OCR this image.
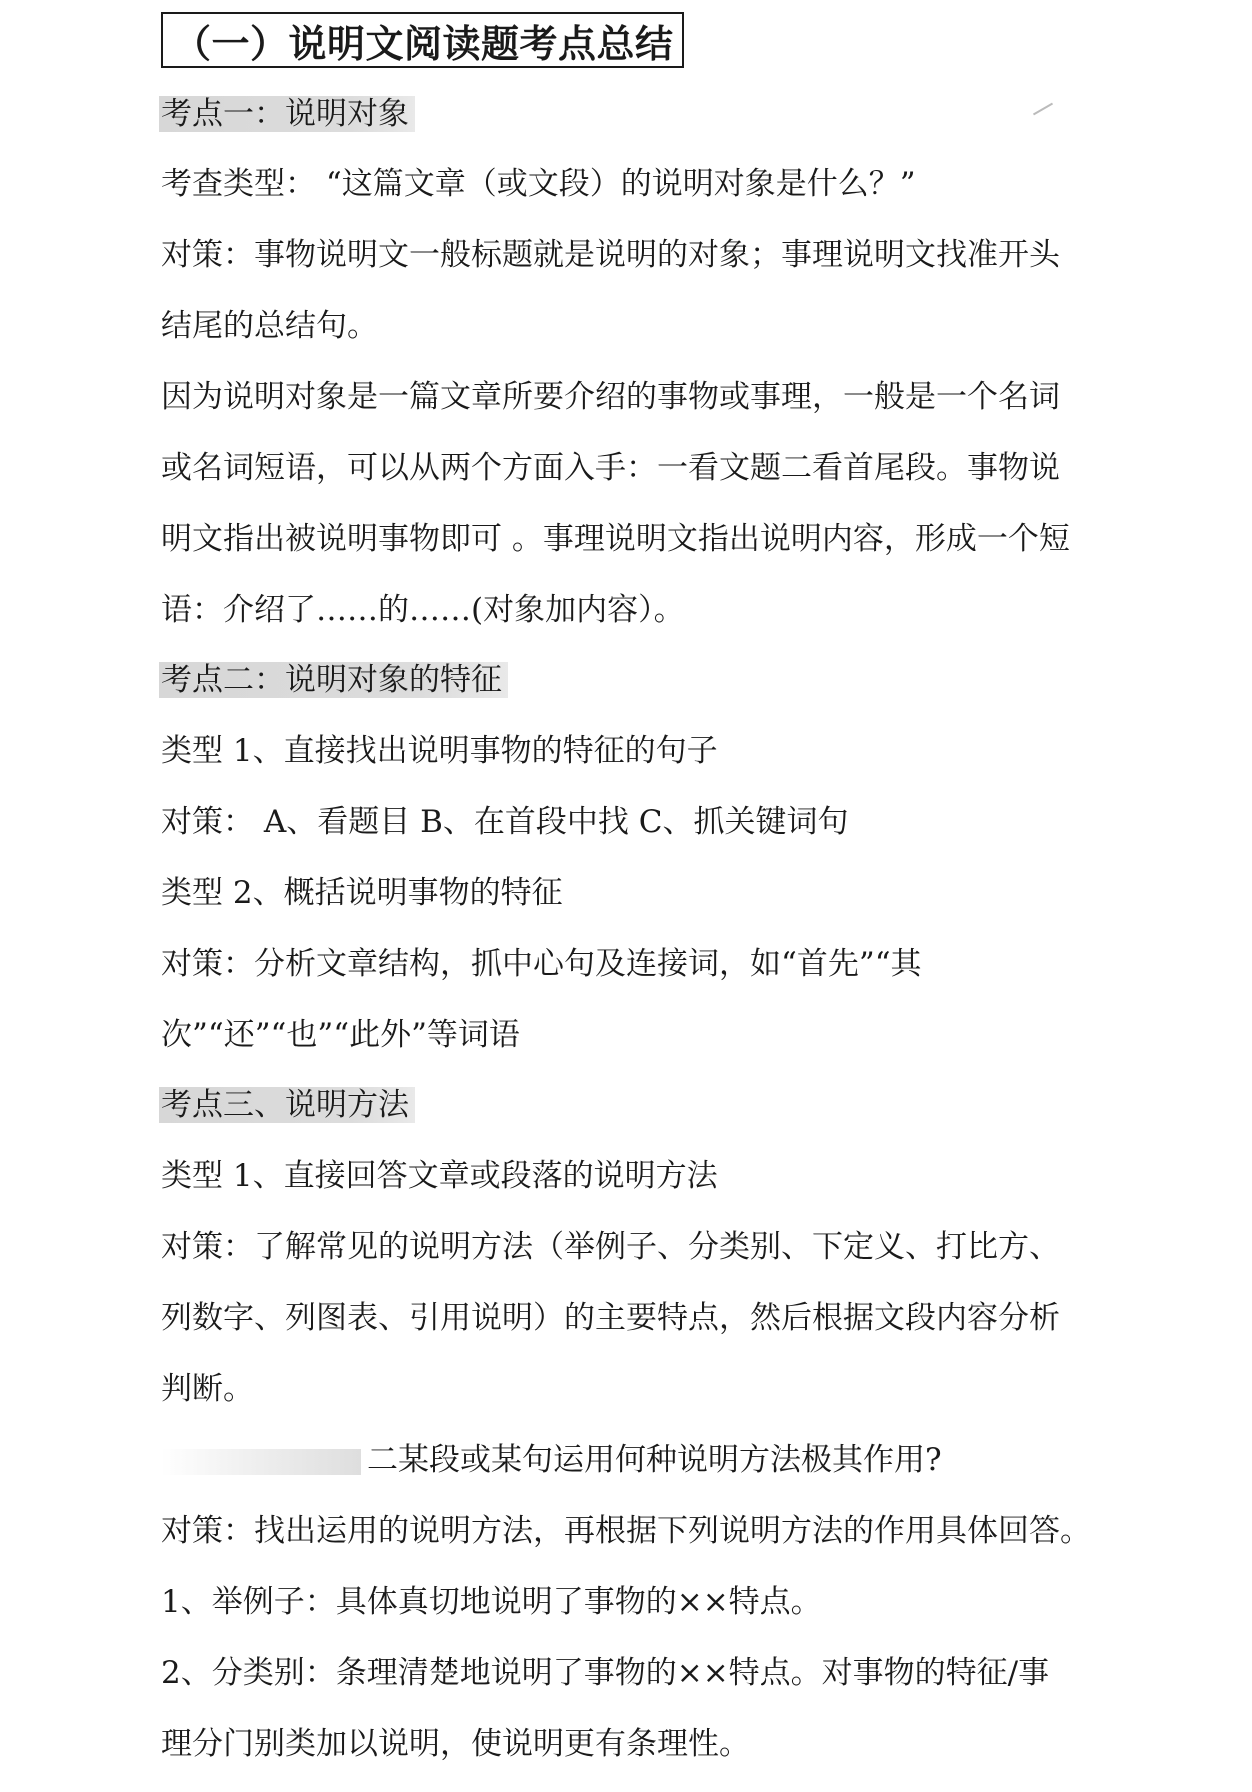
（一）说明文阅读题考点总结
考点一：说明对象
考查类型： “这篇文章（或文段）的说明对象是什么？”
对策：事物说明文一般标题就是说明的对象；事理说明文找准开头
结尾的总结句。
因为说明对象是一篇文章所要介绍的事物或事理，一般是一个名词
或名词短语，可以从两个方面入手：一看文题二看首尾段。事物说
明文指出被说明事物即可 。事理说明文指出说明内容，形成一个短
语：介绍了……的……(对象加内容）。
考点二：说明对象的特征
类型 1、直接找出说明事物的特征的句子
对策： A、看题目 B、在首段中找 C、抓关键词句
类型 2、概括说明事物的特征
对策：分析文章结构，抓中心句及连接词，如“首先”“其
次”“还”“也”“此外”等词语
考点三、说明方法
类型 1、直接回答文章或段落的说明方法
对策：了解常见的说明方法（举例子、分类别、下定义、打比方、
列数字、列图表、引用说明）的主要特点，然后根据文段内容分析
判断。
二某段或某句运用何种说明方法极其作用?
对策：找出运用的说明方法，再根据下列说明方法的作用具体回答。
1、举例子：具体真切地说明了事物的××特点。
2、分类别：条理清楚地说明了事物的××特点。对事物的特征/事
理分门别类加以说明，使说明更有条理性。
